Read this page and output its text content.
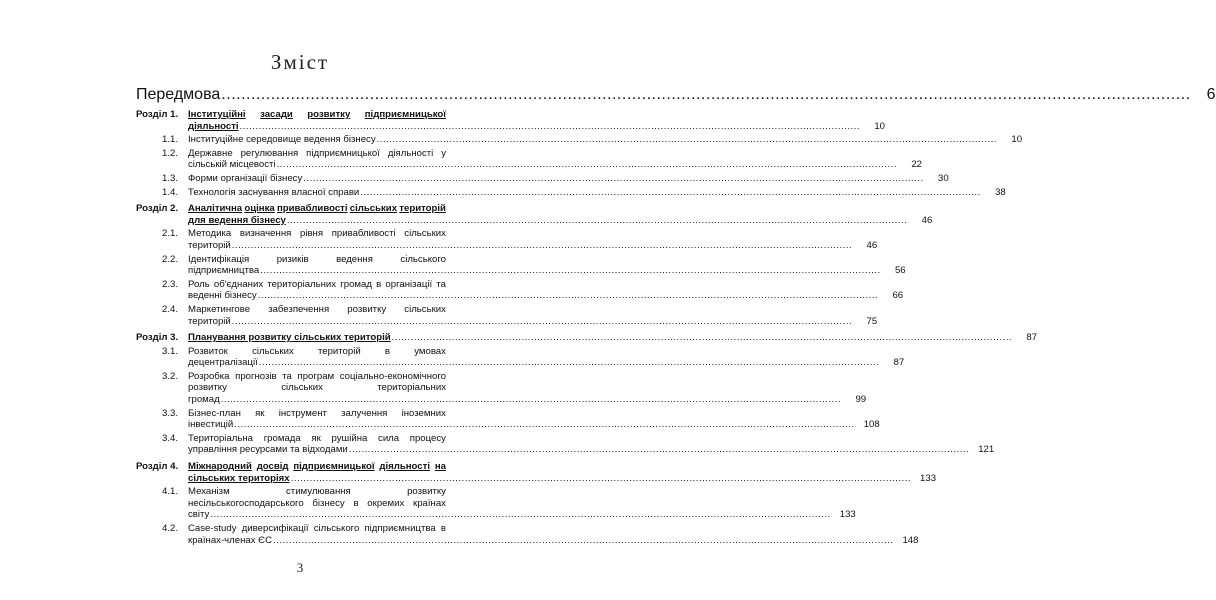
Зміст
Передмова .....	6
Розділ 1.	Інституційні засади розвитку підприємницької
діяльності .....	10
1.1.	Інституційне середовище ведення бізнесу .....	10
1.2.	Державне регулювання підприємницької діяльності у
сільській місцевості .....	22
1.3.	Форми організації бізнесу .....	30
1.4.	Технологія заснування власної справи .....	38
Розділ 2.	Аналітична оцінка привабливості сільських територій
для ведення бізнесу .....	46
2.1.	Методика визначення рівня привабливості сільських
територій .....	46
2.2.	Ідентифікація	ризиків	ведення	сільського
підприємництва .....	56
2.3.	Роль об'єднаних територіальних громад в організації та
веденні бізнесу .....	66
2.4.	Маркетингове забезпечення розвитку сільських
територій .....	75
Розділ 3.	Планування розвитку сільських територій .....	87
3.1.	Розвиток	сільських	територій	в	умовах
децентралізації .....	87
3.2.	Розробка прогнозів та програм соціально-економічного
розвитку	сільських	територіальних
громад .....	99
3.3.	Бізнес-план як інструмент залучення іноземних
інвестицій .....	108
3.4.	Територіальна громада як рушійна сила процесу
управління ресурсами та відходами .....	121
Розділ 4.	Міжнародний досвід підприємницької діяльності на
сільських територіях .....	133
4.1.	Механізм	стимулювання	розвитку
несільськогосподарського бізнесу в окремих країнах
світу .....	133
4.2.	Case-study диверсифікації сільського підприємництва в
країнах-членах ЄС .....	148
3
